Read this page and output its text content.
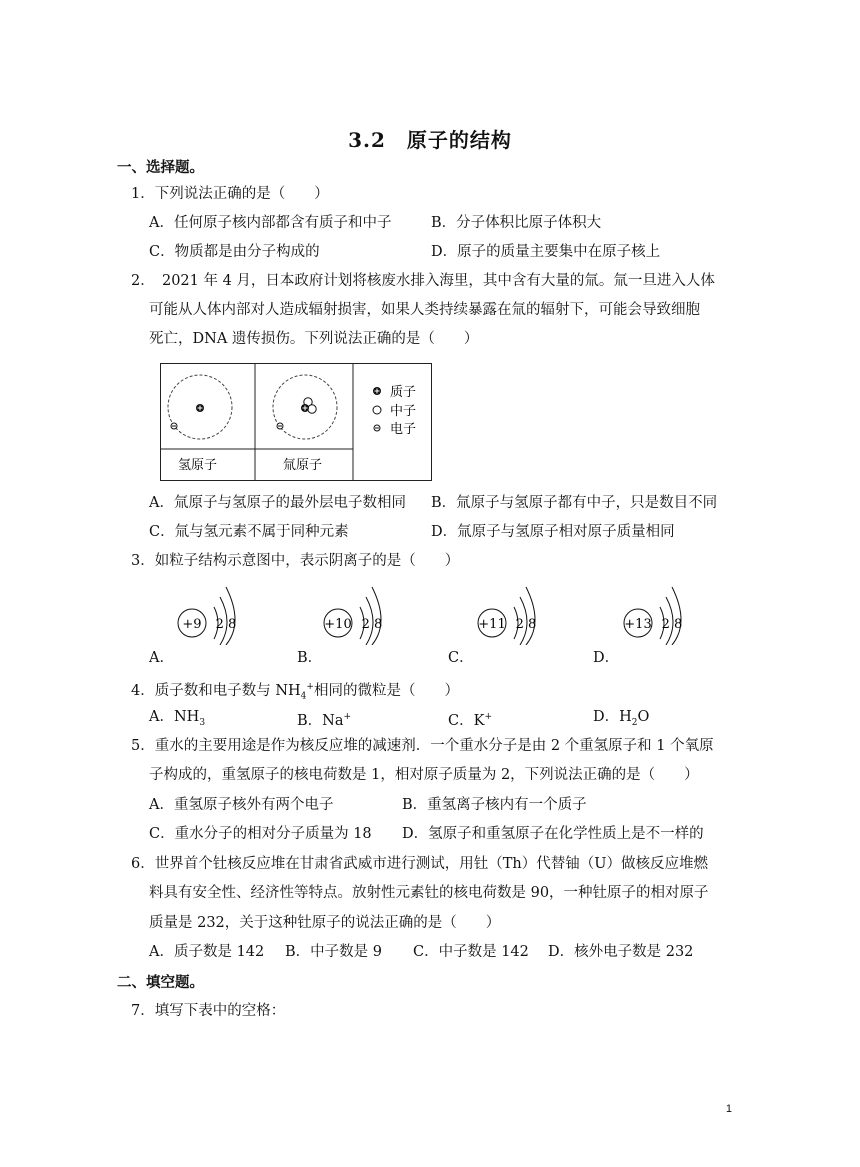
3.2　原子的结构
一、选择题。
1．下列说法正确的是（　　）
A．任何原子核内部都含有质子和中子	B．分子体积比原子体积大
C．物质都是由分子构成的	D．原子的质量主要集中在原子核上
2．　2021 年 4 月，日本政府计划将核废水排入海里，其中含有大量的氚。氚一旦进入人体
可能从人体内部对人造成辐射损害，如果人类持续暴露在氚的辐射下，可能会导致细胞
死亡，DNA 遗传损伤。下列说法正确的是（　　）
质子
中子
电子
氢原子	氚原子
A．氚原子与氢原子的最外层电子数相同 B．氚原子与氢原子都有中子，只是数目不同
C．氚与氢元素不属于同种元素	D．氚原子与氢原子相对原子质量相同
3．如粒子结构示意图中，表示阴离子的是（　　）
A．
+9 2 8
B．
+10 2 8
C．
+11 2 8
D．
+13 2 8
4．质子数和电子数与 $NH_4^+$相同的微粒是（　　）
A．$NH_3$	B．Na+	C．K+	D．$H_2O$
5．重水的主要用途是作为核反应堆的减速剂．一个重水分子是由 2 个重氢原子和 1 个氧原
子构成的，重氢原子的核电荷数是 1，相对原子质量为 2，下列说法正确的是（　　）
A．重氢原子核外有两个电子	B．重氢离子核内有一个质子
C．重水分子的相对分子质量为 18 D．氢原子和重氢原子在化学性质上是不一样的
6．世界首个钍核反应堆在甘肃省武威市进行测试，用钍（Th）代替铀（U）做核反应堆燃
料具有安全性、经济性等特点。放射性元素钍的核电荷数是 90，一种钍原子的相对原子
质量是 232，关于这种钍原子的说法正确的是（　　）
A．质子数是 142 B．中子数是 9 C．中子数是 142 D．核外电子数是 232
二、填空题。
7．填写下表中的空格：
1
